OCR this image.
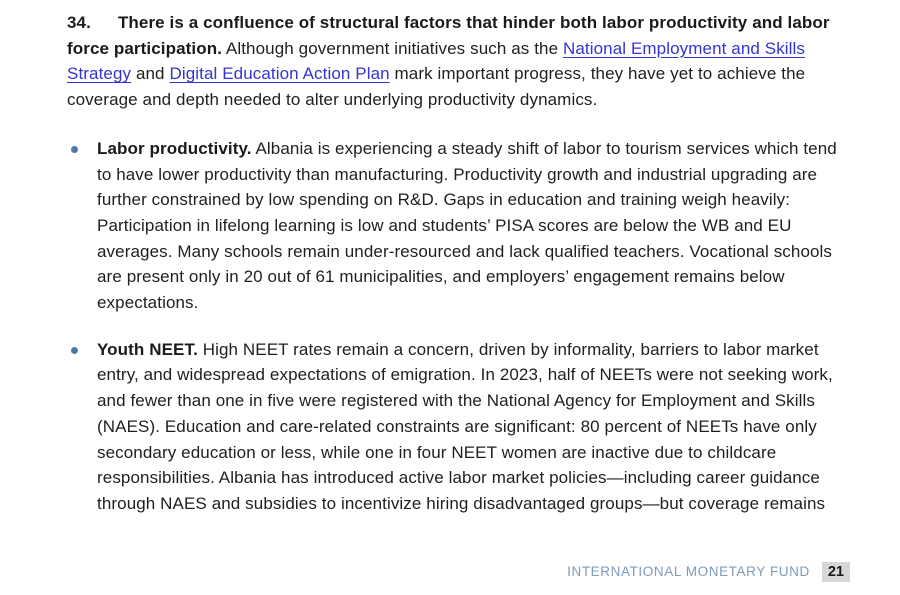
34. There is a confluence of structural factors that hinder both labor productivity and labor force participation. Although government initiatives such as the National Employment and Skills Strategy and Digital Education Action Plan mark important progress, they have yet to achieve the coverage and depth needed to alter underlying productivity dynamics.

Labor productivity. Albania is experiencing a steady shift of labor to tourism services which tend to have lower productivity than manufacturing. Productivity growth and industrial upgrading are further constrained by low spending on R&D. Gaps in education and training weigh heavily: Participation in lifelong learning is low and students’ PISA scores are below the WB and EU averages. Many schools remain under-resourced and lack qualified teachers. Vocational schools are present only in 20 out of 61 municipalities, and employers’ engagement remains below expectations.
Youth NEET. High NEET rates remain a concern, driven by informality, barriers to labor market entry, and widespread expectations of emigration. In 2023, half of NEETs were not seeking work, and fewer than one in five were registered with the National Agency for Employment and Skills (NAES). Education and care-related constraints are significant: 80 percent of NEETs have only secondary education or less, while one in four NEET women are inactive due to childcare responsibilities. Albania has introduced active labor market policies—including career guidance through NAES and subsidies to incentivize hiring disadvantaged groups—but coverage remains
INTERNATIONAL MONETARY FUND	21
